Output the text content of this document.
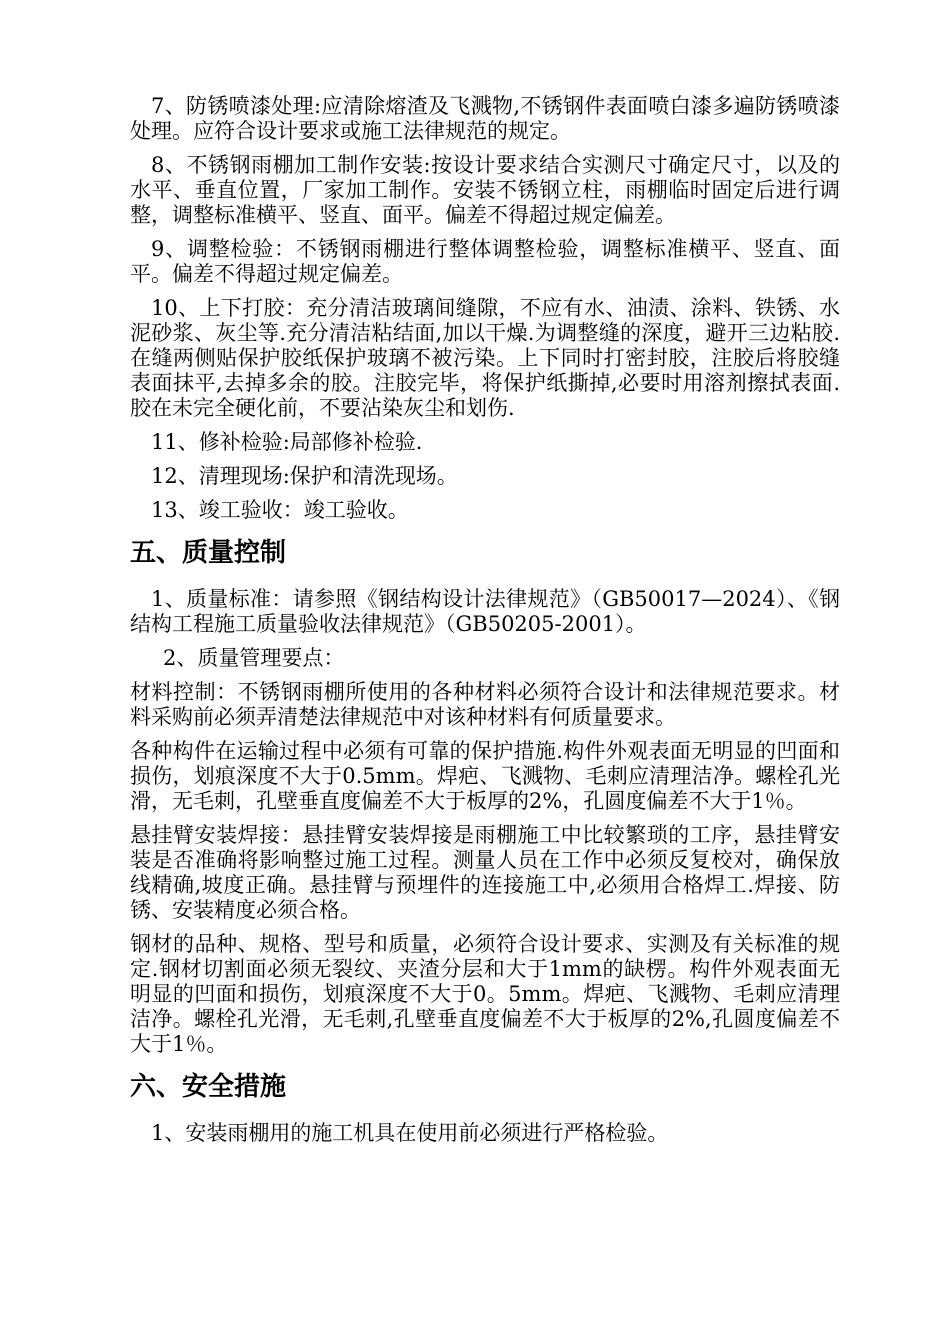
7、防锈喷漆处理:应清除熔渣及飞溅物,不锈钢件表面喷白漆多遍防锈喷漆处理。应符合设计要求或施工法律规范的规定。

8、不锈钢雨棚加工制作安装:按设计要求结合实测尺寸确定尺寸，以及的水平、垂直位置，厂家加工制作。安装不锈钢立柱，雨棚临时固定后进行调整，调整标准横平、竖直、面平。偏差不得超过规定偏差。

9、调整检验：不锈钢雨棚进行整体调整检验，调整标准横平、竖直、面平。偏差不得超过规定偏差。

10、上下打胶：充分清洁玻璃间缝隙，不应有水、油渍、涂料、铁锈、水泥砂浆、灰尘等.充分清洁粘结面,加以干燥.为调整缝的深度，避开三边粘胶.在缝两侧贴保护胶纸保护玻璃不被污染。上下同时打密封胶，注胶后将胶缝表面抹平,去掉多余的胶。注胶完毕，将保护纸撕掉,必要时用溶剂擦拭表面.胶在未完全硬化前，不要沾染灰尘和划伤.

11、修补检验:局部修补检验.

12、清理现场:保护和清洗现场。

13、竣工验收：竣工验收。

五、质量控制

1、质量标准：请参照《钢结构设计法律规范》（GB50017—2024）、《钢结构工程施工质量验收法律规范》（GB50205-2001）。

2、质量管理要点：

材料控制：不锈钢雨棚所使用的各种材料必须符合设计和法律规范要求。材料采购前必须弄清楚法律规范中对该种材料有何质量要求。

各种构件在运输过程中必须有可靠的保护措施.构件外观表面无明显的凹面和损伤，划痕深度不大于0.5mm。焊疤、飞溅物、毛刺应清理洁净。螺栓孔光滑，无毛刺，孔壁垂直度偏差不大于板厚的2%，孔圆度偏差不大于1％。

悬挂臂安装焊接：悬挂臂安装焊接是雨棚施工中比较繁琐的工序，悬挂臂安装是否准确将影响整过施工过程。测量人员在工作中必须反复校对，确保放线精确,坡度正确。悬挂臂与预埋件的连接施工中,必须用合格焊工.焊接、防锈、安装精度必须合格。

钢材的品种、规格、型号和质量，必须符合设计要求、实测及有关标准的规定.钢材切割面必须无裂纹、夹渣分层和大于1mm的缺楞。构件外观表面无明显的凹面和损伤，划痕深度不大于0。5mm。焊疤、飞溅物、毛刺应清理洁净。螺栓孔光滑，无毛刺,孔壁垂直度偏差不大于板厚的2%,孔圆度偏差不大于1％。

六、安全措施

1、安装雨棚用的施工机具在使用前必须进行严格检验。
